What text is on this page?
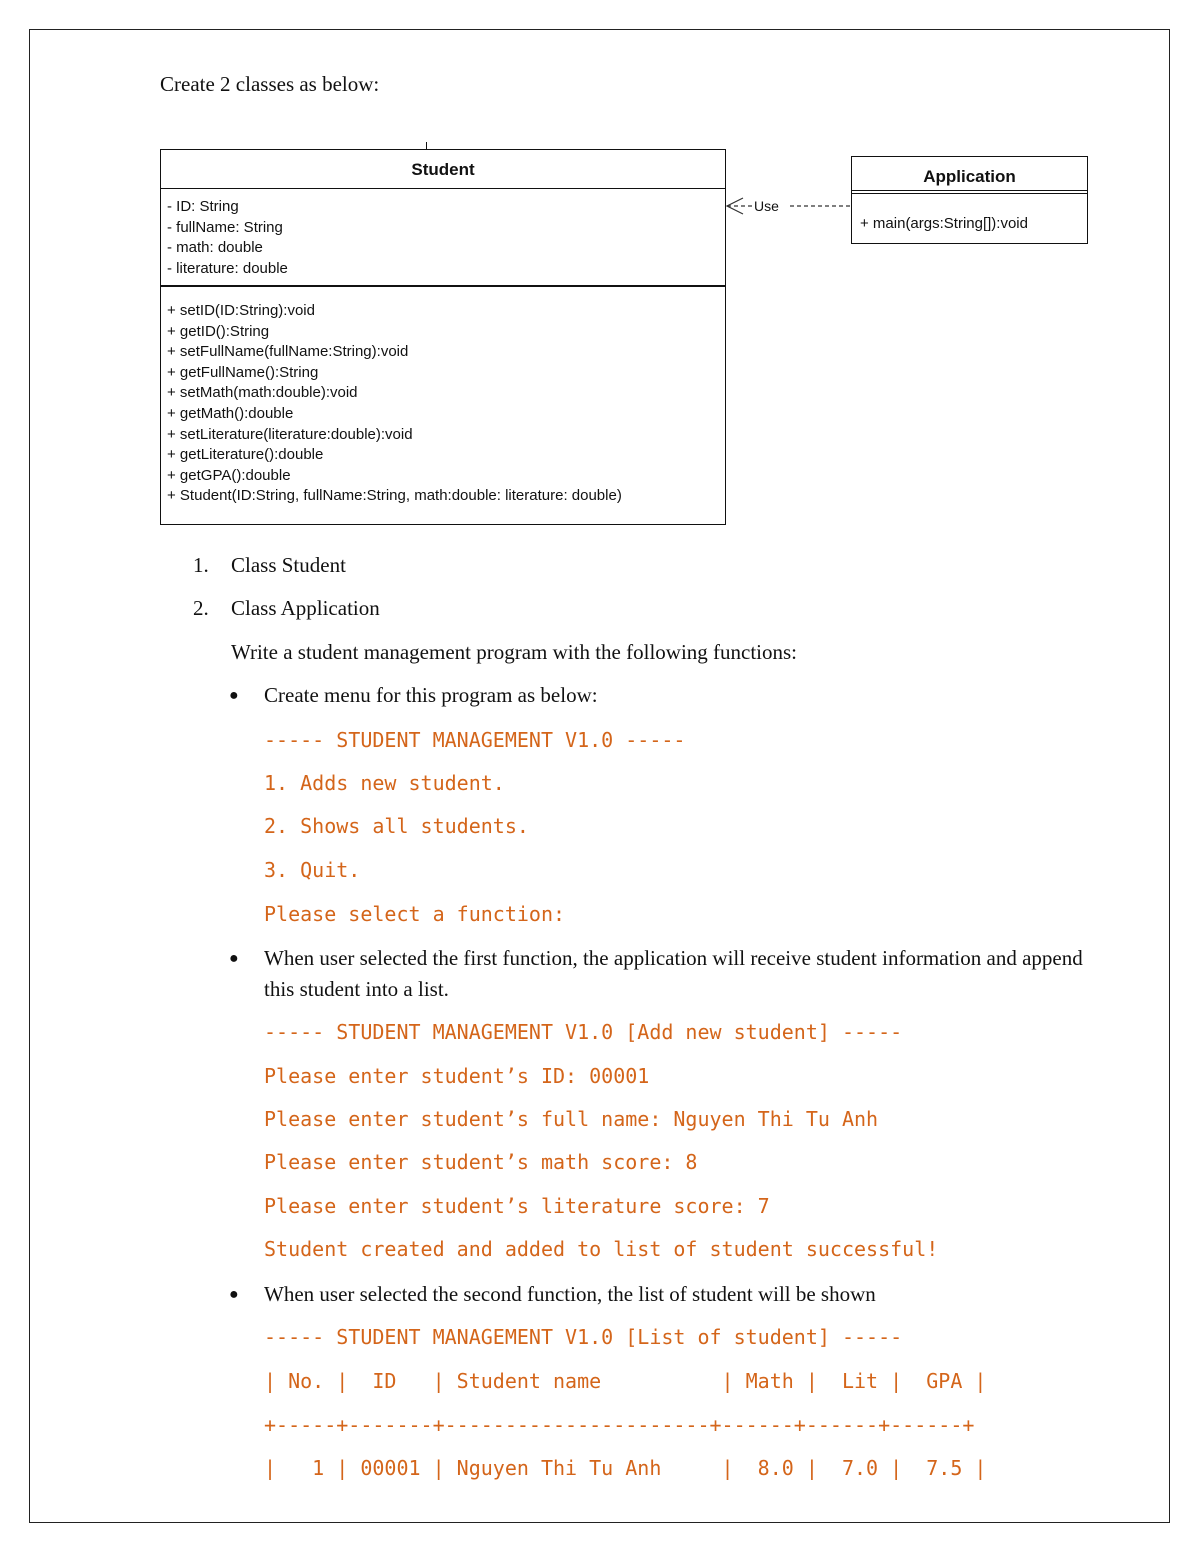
Create 2 classes as below:
Student
- ID: String
- fullName: String
- math: double
- literature: double
+ setID(ID:String):void
+ getID():String
+ setFullName(fullName:String):void
+ getFullName():String
+ setMath(math:double):void
+ getMath():double
+ setLiterature(literature:double):void
+ getLiterature():double
+ getGPA():double
+ Student(ID:String, fullName:String, math:double: literature: double)
Application
+ main(args:String[]):void
Use
1. Class Student
2. Class Application
Write a student management program with the following functions:
● Create menu for this program as below:
----- STUDENT MANAGEMENT V1.0 -----
1. Adds new student.
2. Shows all students.
3. Quit.
Please select a function:
● When user selected the first function, the application will receive student information and append this student into a list.
----- STUDENT MANAGEMENT V1.0 [Add new student] -----
Please enter student’s ID: 00001
Please enter student’s full name: Nguyen Thi Tu Anh
Please enter student’s math score: 8
Please enter student’s literature score: 7
Student created and added to list of student successful!
● When user selected the second function, the list of student will be shown
----- STUDENT MANAGEMENT V1.0 [List of student] -----
| No. |  ID   | Student name          | Math |  Lit |  GPA |
+-----+-------+----------------------+------+------+------+
|   1 | 00001 | Nguyen Thi Tu Anh     |  8.0 |  7.0 |  7.5 |
